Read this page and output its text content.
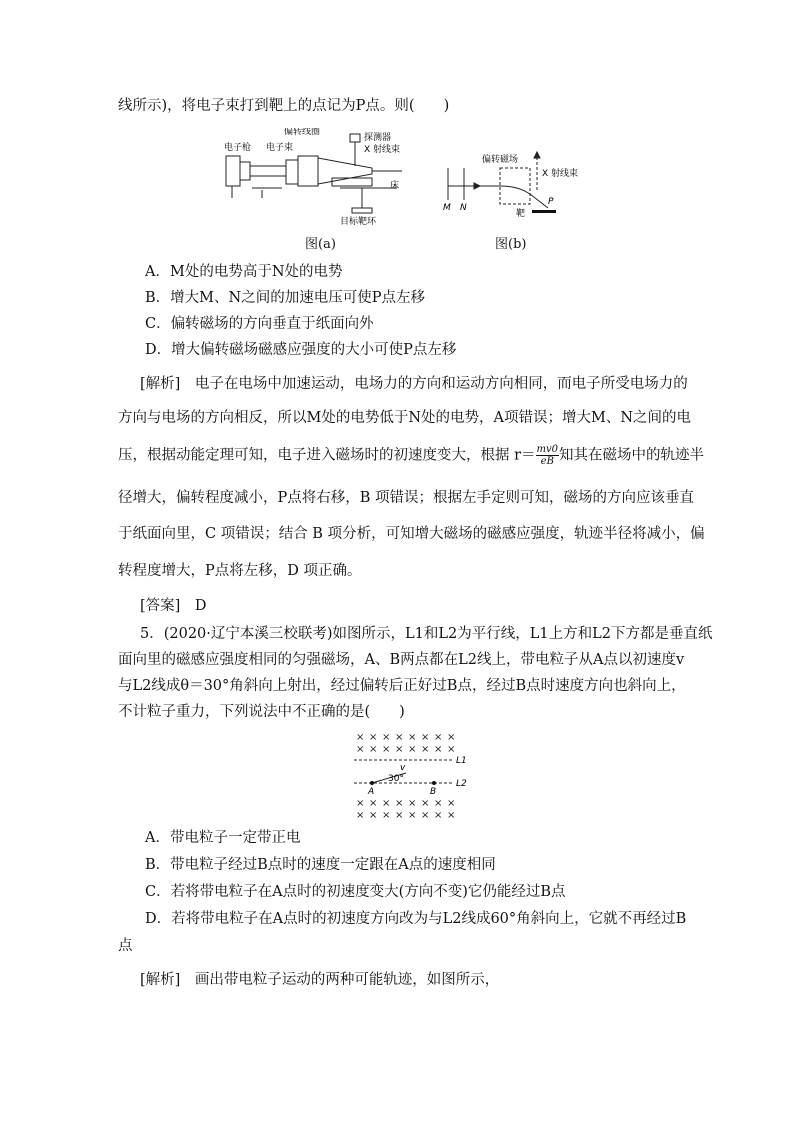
线所示)，将电子束打到靶上的点记为P点。则(　　)
偏转线圈
电子枪 电子束
探测器
X 射线束
床
目标靶环
图(a)
偏转磁场
X 射线束
M N
P
靶
图(b)
A．M处的电势高于N处的电势
B．增大M、N之间的加速电压可使P点左移
C．偏转磁场的方向垂直于纸面向外
D．增大偏转磁场磁感应强度的大小可使P点左移
[解析]　电子在电场中加速运动，电场力的方向和运动方向相同，而电子所受电场力的
方向与电场的方向相反，所以M处的电势低于N处的电势，A项错误；增大M、N之间的电
压，根据动能定理可知，电子进入磁场时的初速度变大，根据 $r= \frac{mv0}{eB}$ 知其在磁场中的轨迹半
径增大，偏转程度减小，P点将右移，B 项错误；根据左手定则可知，磁场的方向应该垂直
于纸面向里，C 项错误；结合 B 项分析，可知增大磁场的磁感应强度，轨迹半径将减小，偏
转程度增大，P点将左移，D 项正确。
[答案]　D
5．(2020·辽宁本溪三校联考)如图所示，L1和L2为平行线，L1上方和L2下方都是垂直纸
面向里的磁感应强度相同的匀强磁场，A、B两点都在L2线上，带电粒子从A点以初速度v
与L2线成θ＝30°角斜向上射出，经过偏转后正好过B点，经过B点时速度方向也斜向上，
不计粒子重力，下列说法中不正确的是(　　)
× × × × × × × ×
× × × × × × × ×
× × × × × × × ×
× × × × × × × ×
L1
L2
A	B
v
30°
A．带电粒子一定带正电
B．带电粒子经过B点时的速度一定跟在A点的速度相同
C．若将带电粒子在A点时的初速度变大(方向不变)它仍能经过B点
D．若将带电粒子在A点时的初速度方向改为与L2线成60°角斜向上，它就不再经过B
点
[解析]　画出带电粒子运动的两种可能轨迹，如图所示，
